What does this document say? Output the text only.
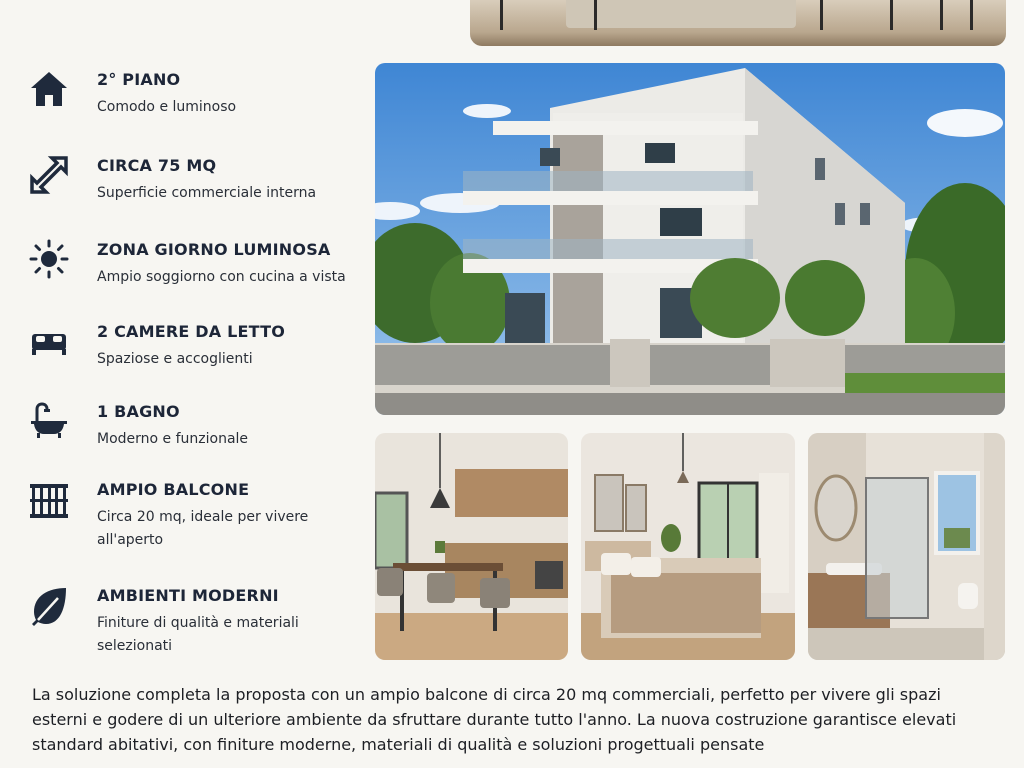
2° PIANO
Comodo e luminoso
CIRCA 75 MQ
Superficie commerciale interna
ZONA GIORNO LUMINOSA
Ampio soggiorno con cucina a vista
2 CAMERE DA LETTO
Spaziose e accoglienti
1 BAGNO
Moderno e funzionale
AMPIO BALCONE
Circa 20 mq, ideale per vivere all'aperto
AMBIENTI MODERNI
Finiture di qualità e materiali selezionati
La soluzione completa la proposta con un ampio balcone di circa 20 mq commerciali, perfetto per vivere gli spazi esterni e godere di un ulteriore ambiente da sfruttare durante tutto l'anno. La nuova costruzione garantisce elevati standard abitativi, con finiture moderne, materiali di qualità e soluzioni progettuali pensate
